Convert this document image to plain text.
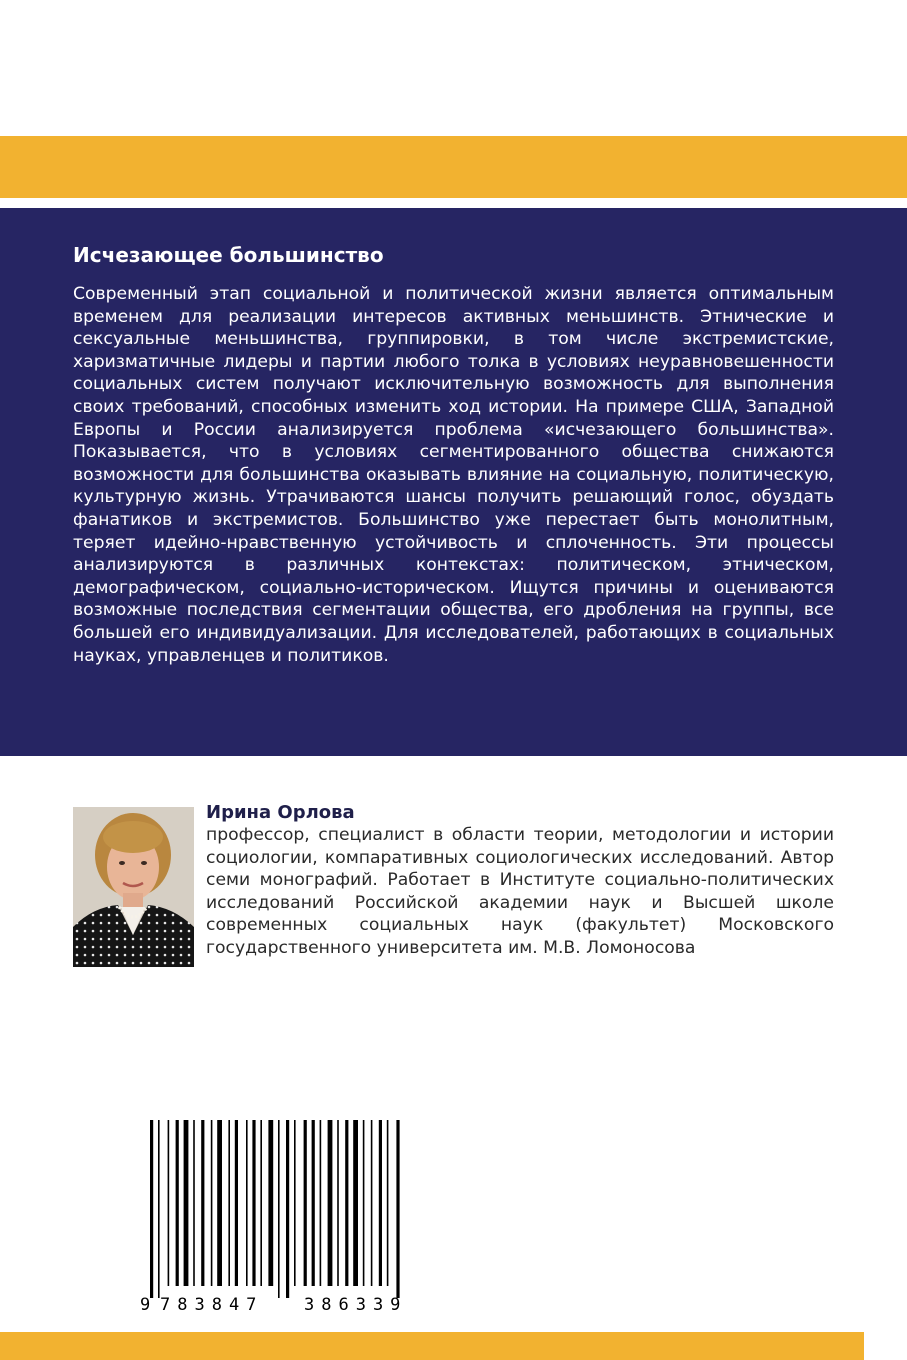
Исчезающее большинство

Современный этап социальной и политической жизни является оптимальным временем для реализации интересов активных меньшинств. Этнические и сексуальные меньшинства, группировки, в том числе экстремистские, харизматичные лидеры и партии любого толка в условиях неуравновешенности социальных систем получают исключительную возможность для выполнения своих требований, способных изменить ход истории. На примере США, Западной Европы и России анализируется проблема «исчезающего большинства». Показывается, что в условиях сегментированного общества снижаются возможности для большинства оказывать влияние на социальную, политическую, культурную жизнь. Утрачиваются шансы получить решающий голос, обуздать фанатиков и экстремистов. Большинство уже перестает быть монолитным, теряет идейно-нравственную устойчивость и сплоченность. Эти процессы анализируются в различных контекстах: политическом, этническом, демографическом, социально-историческом. Ищутся причины и оцениваются возможные последствия сегментации общества, его дробления на группы, все большей его индивидуализации. Для исследователей, работающих в социальных науках, управленцев и политиков.

Ирина Орлова

профессор, специалист в области теории, методологии и истории социологии, компаративных социологических исследований. Автор семи монографий. Работает в Институте социально-политических исследований Российской академии наук и Высшей школе современных социальных наук (факультет) Московского государственного университета им. М.В. Ломоносова

9 783847 386339
